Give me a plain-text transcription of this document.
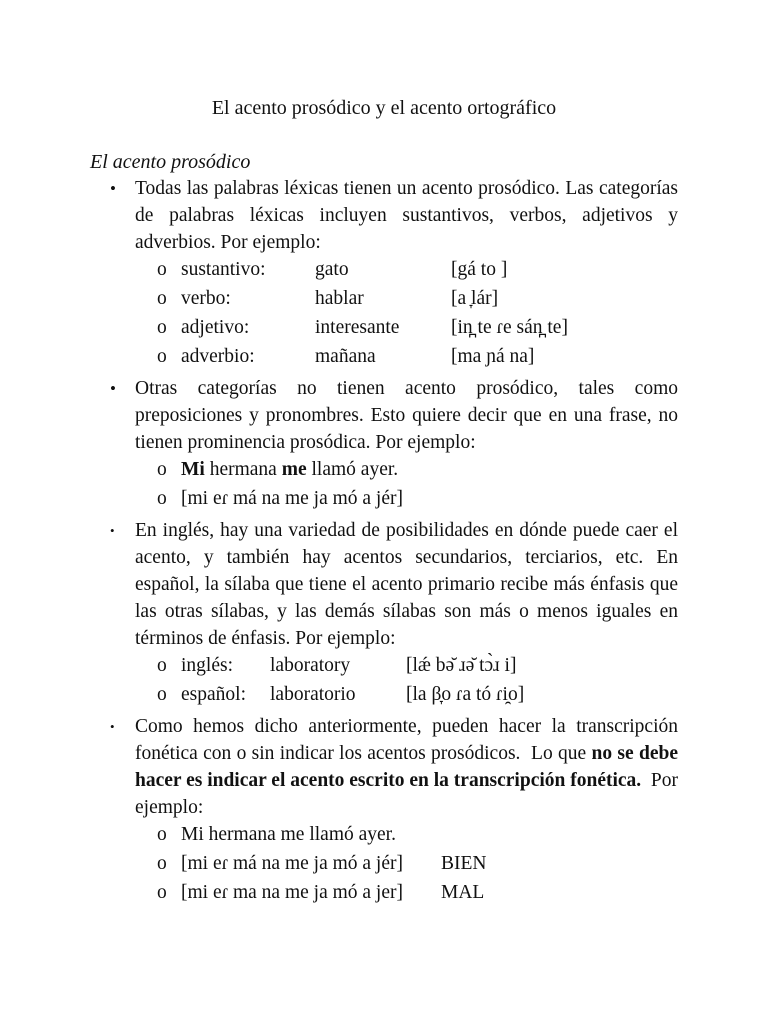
El acento prosódico y el acento ortográfico
El acento prosódico
• Todas las palabras léxicas tienen un acento prosódico. Las categorías de palabras léxicas incluyen sustantivos, verbos, adjetivos y adverbios. Por ejemplo:
o sustantivo:	gato	[gá to ]
o verbo:	hablar	[a ̞lár]
o adjetivo:	interesante	[in̪ te ɾe sán̪ te]
o adverbio:	mañana	[ma ɲá na]
• Otras categorías no tienen acento prosódico, tales como preposiciones y pronombres. Esto quiere decir que en una frase, no tienen prominencia prosódica. Por ejemplo:
o Mi hermana me llamó ayer.
o [mi eɾ má na me ja mó a jér]
•	En inglés, hay una variedad de posibilidades en dónde puede caer el acento, y también hay acentos secundarios, terciarios, etc. En español, la sílaba que tiene el acento primario recibe más énfasis que las otras sílabas, y las demás sílabas son más o menos iguales en términos de énfasis. Por ejemplo:
o inglés: laboratory	[lǽ bə̆ ɹə̆ tɔ̀ɹ i]
o español: laboratorio	[la β̞o ɾa tó ɾi̯o]
•	Como hemos dicho anteriormente, pueden hacer la transcripción fonética con o sin indicar los acentos prosódicos.  Lo que no se debe hacer es indicar el acento escrito en la transcripción fonética.  Por ejemplo:
o Mi hermana me llamó ayer.
o [mi eɾ má na me ja mó a jér] BIEN
o [mi eɾ ma na me ja mó a jer] MAL
